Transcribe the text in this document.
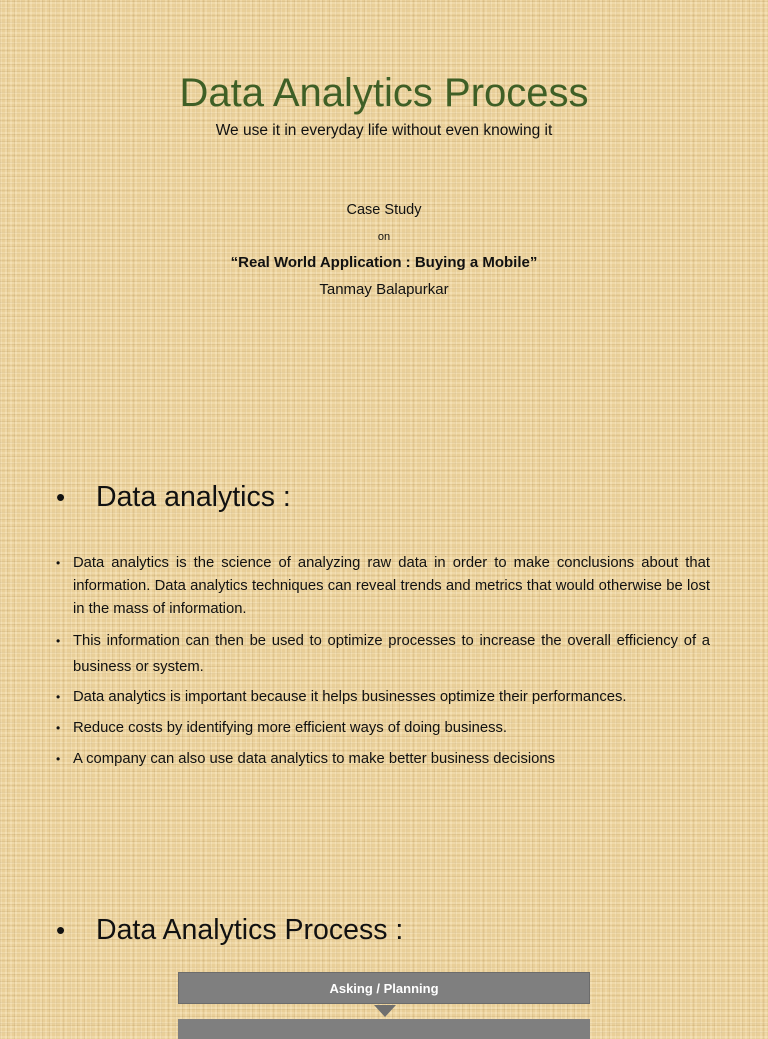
Data Analytics Process
We use it in everyday life without even knowing it
Case Study
on
“Real World Application : Buying a Mobile”
Tanmay Balapurkar
• Data analytics :
• Data analytics is the science of analyzing raw data in order to make conclusions about that information. Data analytics techniques can reveal trends and metrics that would otherwise be lost in the mass of information.
• This information can then be used to optimize processes to increase the overall efficiency of a business or system.
• Data analytics is important because it helps businesses optimize their performances.
• Reduce costs by identifying more efficient ways of doing business.
• A company can also use data analytics to make better business decisions
• Data Analytics Process :
Asking / Planning
